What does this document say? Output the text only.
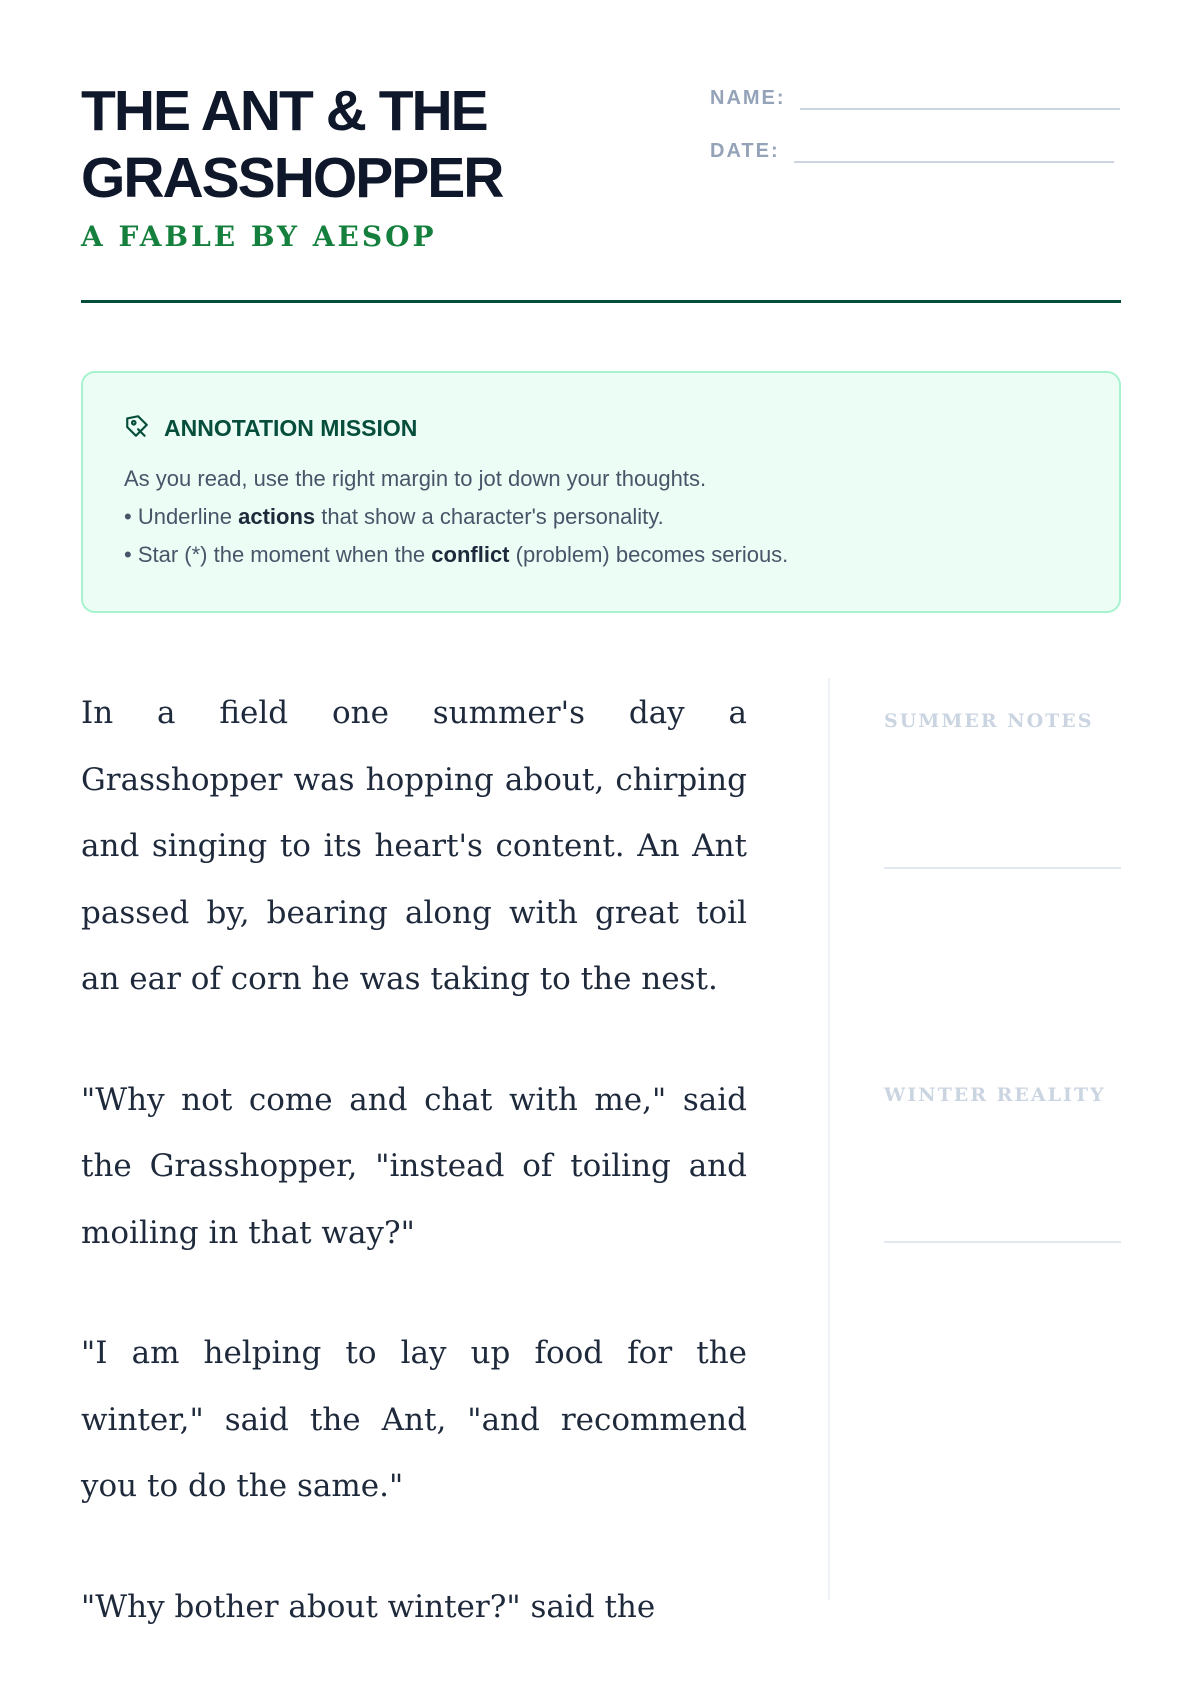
THE ANT & THE
GRASSHOPPER
A FABLE BY AESOP
NAME:
DATE:
ANNOTATION MISSION

As you read, use the right margin to jot down your thoughts.

• Underline actions that show a character's personality.

• Star (*) the moment when the conflict (problem) becomes serious.

In a field one summer's day a Grasshopper was hopping about, chirping and singing to its heart's content. An Ant passed by, bearing along with great toil an ear of corn he was taking to the nest.

"Why not come and chat with me," said the Grasshopper, "instead of toiling and moiling in that way?"

"I am helping to lay up food for the winter," said the Ant, "and recommend you to do the same."

"Why bother about winter?" said the

SUMMER NOTES
WINTER REALITY
